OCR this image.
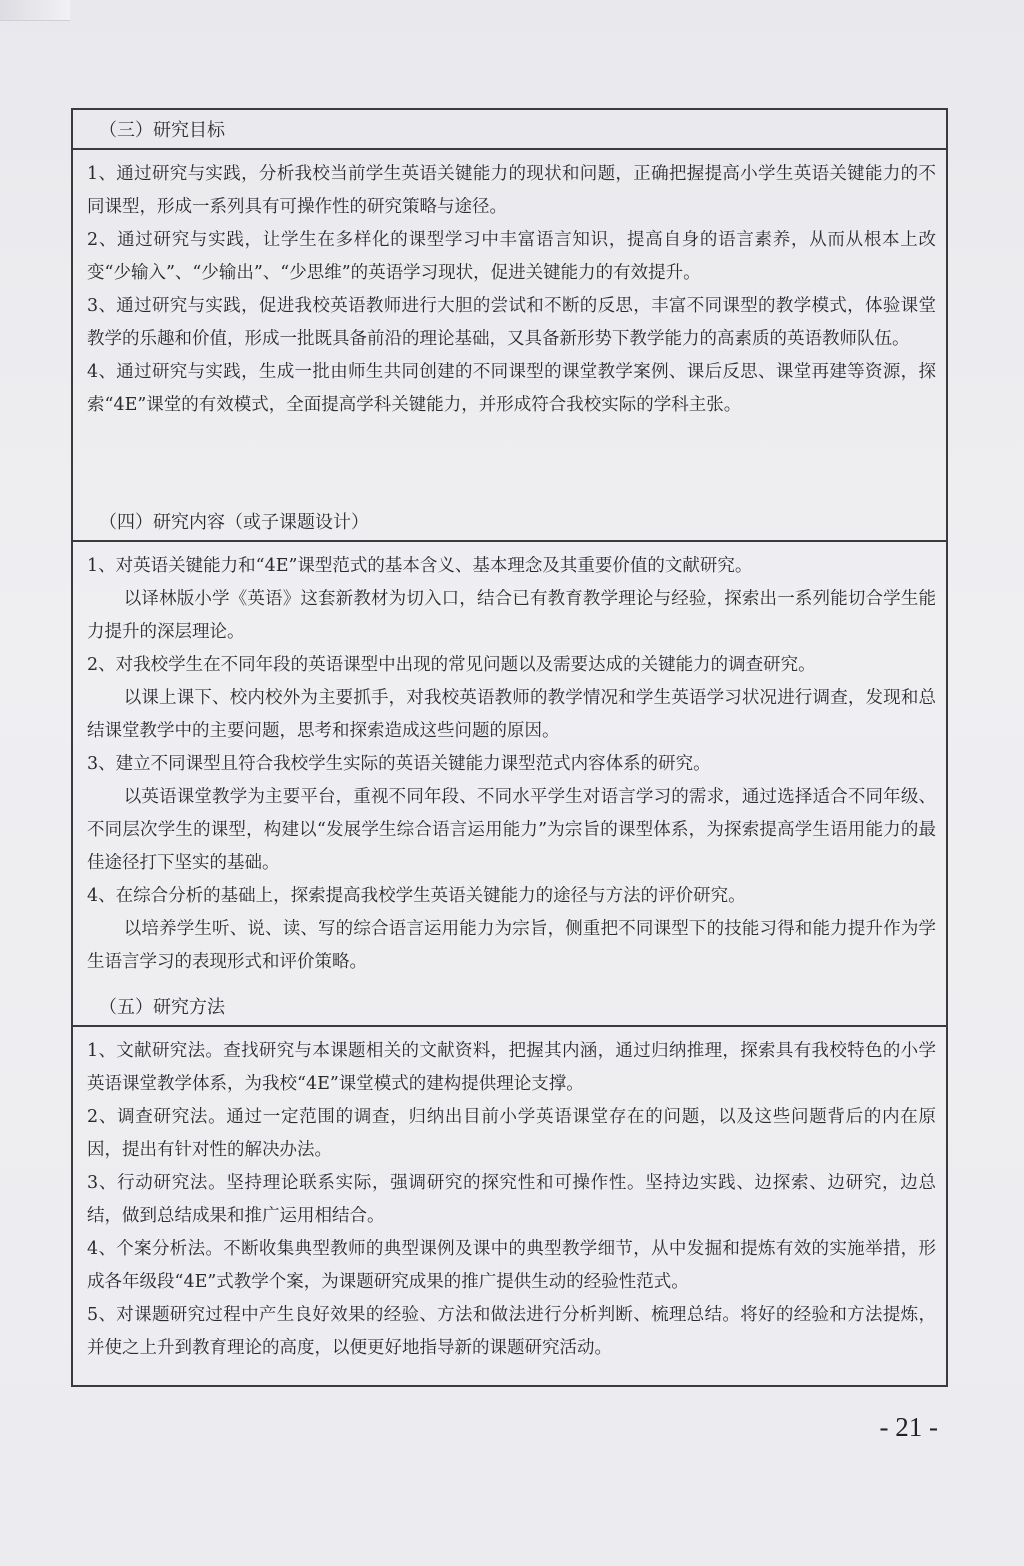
（三）研究目标

1、通过研究与实践，分析我校当前学生英语关键能力的现状和问题，正确把握提高小学生英语关键能力的不同课型，形成一系列具有可操作性的研究策略与途径。

2、通过研究与实践，让学生在多样化的课型学习中丰富语言知识，提高自身的语言素养，从而从根本上改变“少输入”、“少输出”、“少思维”的英语学习现状，促进关键能力的有效提升。

3、通过研究与实践，促进我校英语教师进行大胆的尝试和不断的反思，丰富不同课型的教学模式，体验课堂教学的乐趣和价值，形成一批既具备前沿的理论基础，又具备新形势下教学能力的高素质的英语教师队伍。

4、通过研究与实践，生成一批由师生共同创建的不同课型的课堂教学案例、课后反思、课堂再建等资源，探索“4E”课堂的有效模式，全面提高学科关键能力，并形成符合我校实际的学科主张。

（四）研究内容（或子课题设计）

1、对英语关键能力和“4E”课型范式的基本含义、基本理念及其重要价值的文献研究。

以译林版小学《英语》这套新教材为切入口，结合已有教育教学理论与经验，探索出一系列能切合学生能力提升的深层理论。

2、对我校学生在不同年段的英语课型中出现的常见问题以及需要达成的关键能力的调查研究。

以课上课下、校内校外为主要抓手，对我校英语教师的教学情况和学生英语学习状况进行调查，发现和总结课堂教学中的主要问题，思考和探索造成这些问题的原因。

3、建立不同课型且符合我校学生实际的英语关键能力课型范式内容体系的研究。

以英语课堂教学为主要平台，重视不同年段、不同水平学生对语言学习的需求，通过选择适合不同年级、不同层次学生的课型，构建以“发展学生综合语言运用能力”为宗旨的课型体系，为探索提高学生语用能力的最佳途径打下坚实的基础。

4、在综合分析的基础上，探索提高我校学生英语关键能力的途径与方法的评价研究。

以培养学生听、说、读、写的综合语言运用能力为宗旨，侧重把不同课型下的技能习得和能力提升作为学生语言学习的表现形式和评价策略。

（五）研究方法

1、文献研究法。查找研究与本课题相关的文献资料，把握其内涵，通过归纳推理，探索具有我校特色的小学英语课堂教学体系，为我校“4E”课堂模式的建构提供理论支撑。

2、调查研究法。通过一定范围的调查，归纳出目前小学英语课堂存在的问题，以及这些问题背后的内在原因，提出有针对性的解决办法。

3、行动研究法。坚持理论联系实际，强调研究的探究性和可操作性。坚持边实践、边探索、边研究，边总结，做到总结成果和推广运用相结合。

4、个案分析法。不断收集典型教师的典型课例及课中的典型教学细节，从中发掘和提炼有效的实施举措，形成各年级段“4E”式教学个案，为课题研究成果的推广提供生动的经验性范式。

5、对课题研究过程中产生良好效果的经验、方法和做法进行分析判断、梳理总结。将好的经验和方法提炼，并使之上升到教育理论的高度，以便更好地指导新的课题研究活动。

- 21 -
